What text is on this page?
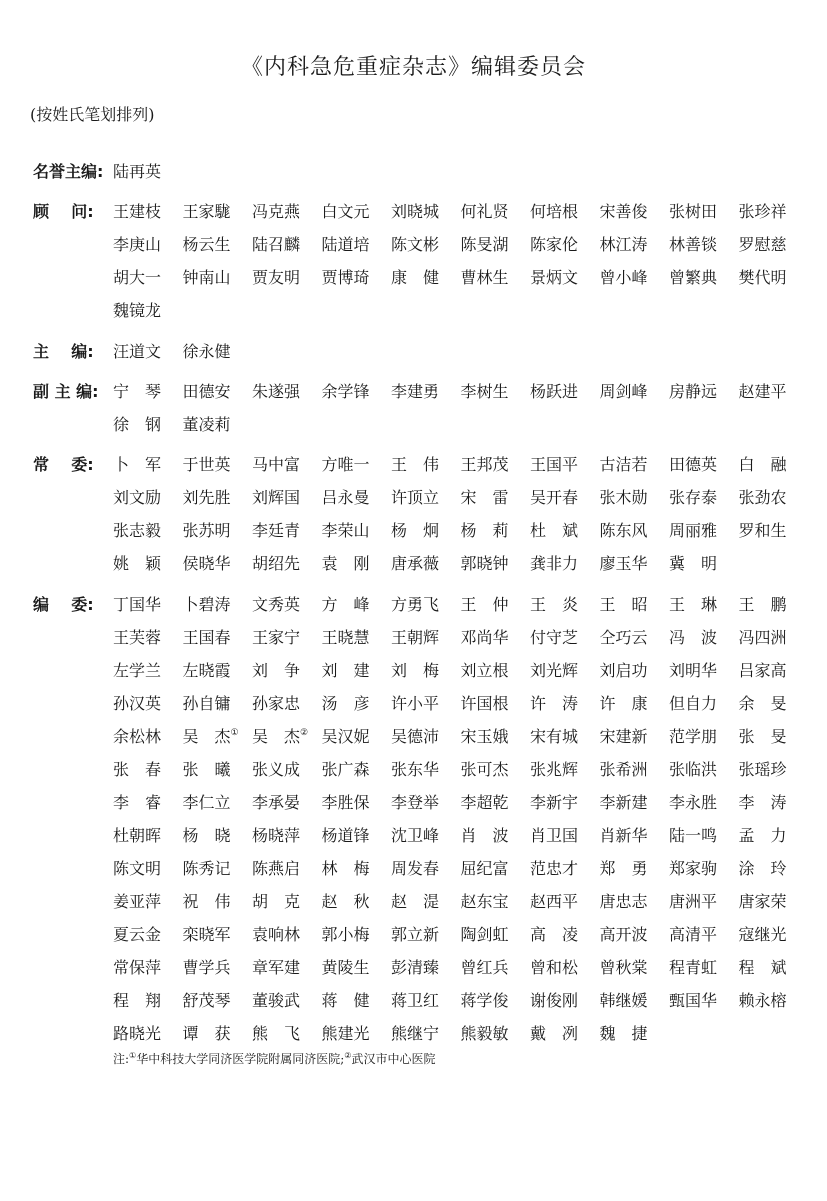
《内科急危重症杂志》编辑委员会
(按姓氏笔划排列)
名誉主编: 陆再英
顾    问:	王建枝	王家駹	冯克燕	白文元	刘晓城	何礼贤	何培根	宋善俊	张树田	张珍祥
李庚山	杨云生	陆召麟	陆道培	陈文彬	陈旻湖	陈家伦	林江涛	林善锬	罗慰慈
胡大一	钟南山	贾友明	贾博琦	康　健	曹林生	景炳文	曾小峰	曾繁典	樊代明
魏镜龙
主    编:	汪道文	徐永健
副 主 编: 宁　琴	田德安	朱遂强	余学锋	李建勇	李树生	杨跃进	周剑峰	房静远	赵建平
徐　钢	董凌莉
常    委:	卜　军	于世英	马中富	方唯一	王　伟	王邦茂	王国平	古洁若	田德英	白　融
刘文励	刘先胜	刘辉国	吕永曼	许顶立	宋　雷	吴开春	张木勋	张存泰	张劲农
张志毅	张苏明	李廷青	李荣山	杨　炯	杨　莉	杜　斌	陈东风	周丽雅	罗和生
姚　颖	侯晓华	胡绍先	袁　刚	唐承薇	郭晓钟	龚非力	廖玉华	冀　明
编    委:	丁国华	卜碧涛	文秀英	方　峰	方勇飞	王　仲	王　炎	王　昭	王　琳	王　鹏
王芙蓉	王国春	王家宁	王晓慧	王朝辉	邓尚华	付守芝	仝巧云	冯　波	冯四洲
左学兰	左晓霞	刘　争	刘　建	刘　梅	刘立根	刘光辉	刘启功	刘明华	吕家高
孙汉英	孙自镛	孙家忠	汤　彦	许小平	许国根	许　涛	许　康	但自力	余　旻
余松林	吴　杰① 吴　杰② 吴汉妮	吴德沛	宋玉娥	宋有城	宋建新	范学朋	张　旻
张　春	张　曦	张义成	张广森	张东华	张可杰	张兆辉	张希洲	张临洪	张瑶珍
李　睿	李仁立	李承晏	李胜保	李登举	李超乾	李新宇	李新建	李永胜	李　涛
杜朝晖	杨　晓	杨晓萍	杨道锋	沈卫峰	肖　波	肖卫国	肖新华	陆一鸣	孟　力
陈文明	陈秀记	陈燕启	林　梅	周发春	屈纪富	范忠才	郑　勇	郑家驹	涂　玲
姜亚萍	祝　伟	胡　克	赵　秋	赵　湜	赵东宝	赵西平	唐忠志	唐洲平	唐家荣
夏云金	栾晓军	袁响林	郭小梅	郭立新	陶剑虹	高　凌	高开波	高清平	寇继光
常保萍	曹学兵	章军建	黄陵生	彭清臻	曾红兵	曾和松	曾秋棠	程青虹	程　斌
程　翔	舒茂琴	董骏武	蒋　健	蒋卫红	蒋学俊	谢俊刚	韩继媛	甄国华	赖永榕
路晓光	谭　获	熊　飞	熊建光	熊继宁	熊毅敏	戴　冽	魏　捷
注:①华中科技大学同济医学院附属同济医院;②武汉市中心医院
